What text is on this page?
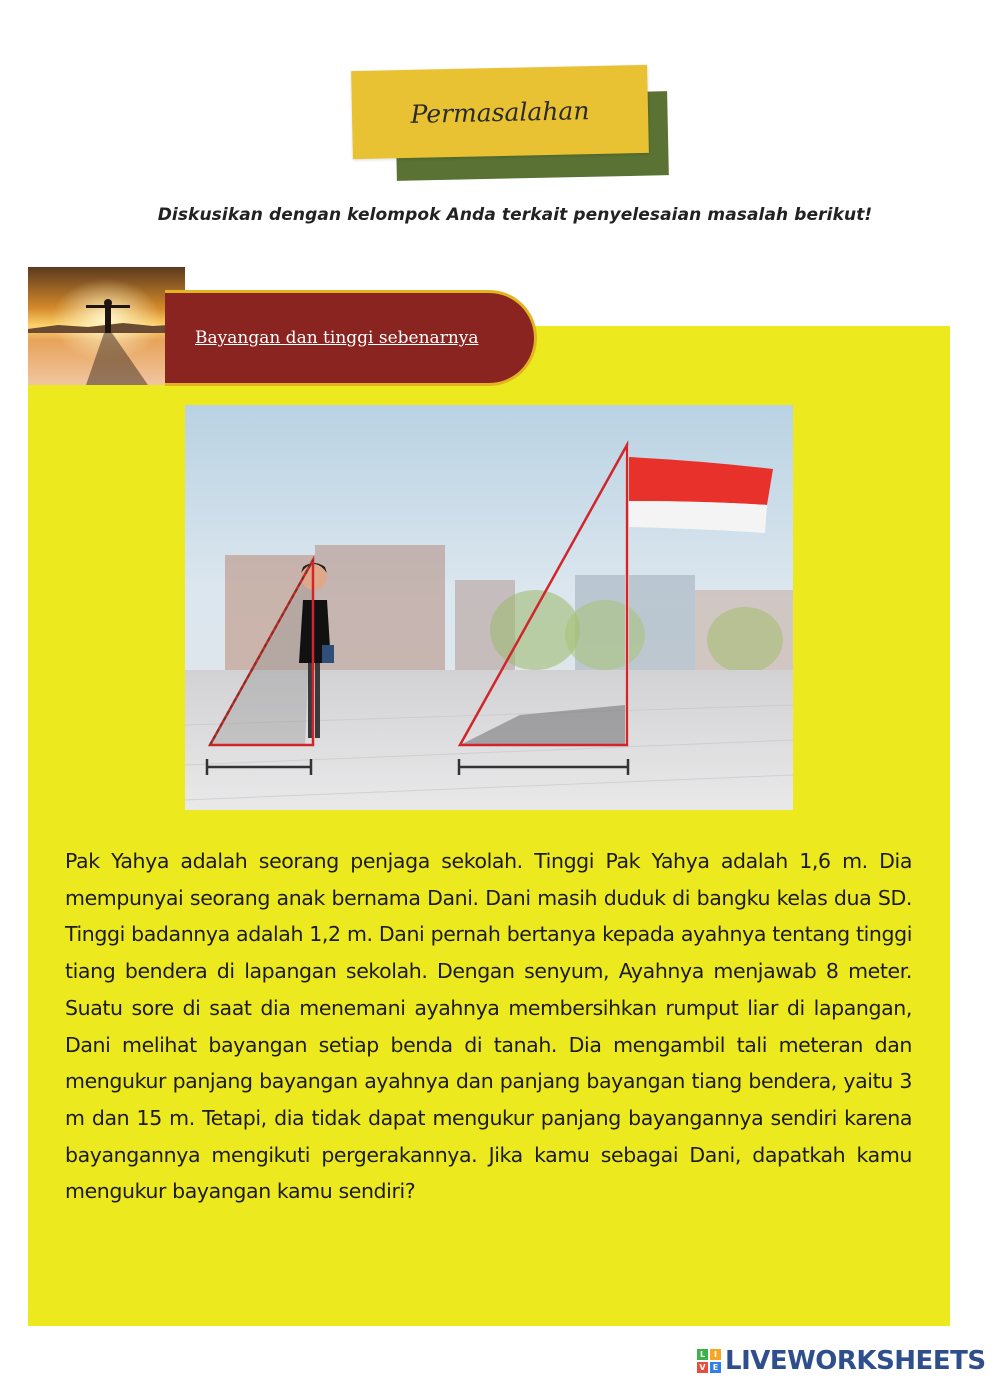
Permasalahan
Diskusikan dengan kelompok Anda terkait penyelesaian masalah berikut!
Bayangan dan tinggi sebenarnya
Pak Yahya adalah seorang penjaga sekolah. Tinggi Pak Yahya adalah 1,6 m. Dia mempunyai seorang anak bernama Dani. Dani masih duduk di bangku kelas dua SD. Tinggi badannya adalah 1,2 m. Dani pernah bertanya kepada ayahnya tentang tinggi tiang bendera di lapangan sekolah. Dengan senyum, Ayahnya menjawab 8 meter. Suatu sore di saat dia menemani ayahnya membersihkan rumput liar di lapangan, Dani melihat bayangan setiap benda di tanah. Dia mengambil tali meteran dan mengukur panjang bayangan ayahnya dan panjang bayangan tiang bendera, yaitu 3 m dan 15 m. Tetapi, dia tidak dapat mengukur panjang bayangannya sendiri karena bayangannya mengikuti pergerakannya. Jika kamu sebagai Dani, dapatkah kamu mengukur bayangan kamu sendiri?
L	I
V E LIVEWORKSHEETS
